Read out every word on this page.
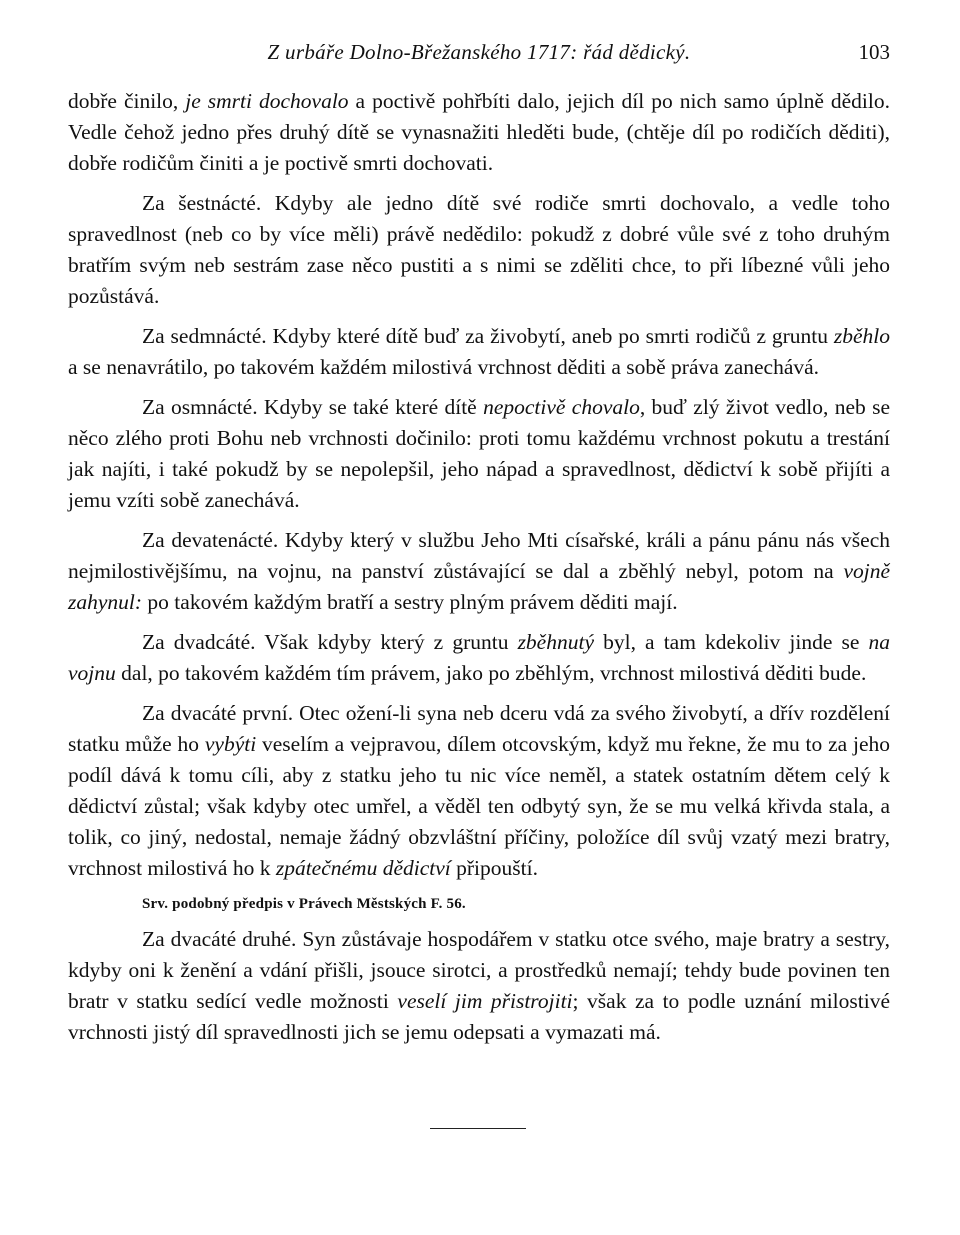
Z urbáře Dolno-Břežanského 1717: řád dědický.	103

dobře činilo, je smrti dochovalo a poctivě pohřbíti dalo, jejich díl po nich samo úplně dědilo. Vedle čehož jedno přes druhý dítě se vynasnažiti hleděti bude, (chtěje díl po rodičích děditi), dobře rodičům činiti a je poctivě smrti dochovati.

Za šestnácté. Kdyby ale jedno dítě své rodiče smrti dochovalo, a vedle toho spravedlnost (neb co by více měli) právě nedědilo: pokudž z dobré vůle své z toho druhým bratřím svým neb sestrám zase něco pustiti a s nimi se zděliti chce, to při líbezné vůli jeho pozůstává.

Za sedmnácté. Kdyby které dítě buď za živobytí, aneb po smrti rodičů z gruntu zběhlo a se nenavrátilo, po takovém každém milostivá vrchnost děditi a sobě práva zanechává.

Za osmnácté. Kdyby se také které dítě nepoctivě chovalo, buď zlý život vedlo, neb se něco zlého proti Bohu neb vrchnosti dočinilo: proti tomu každému vrchnost pokutu a trestání jak najíti, i také pokudž by se nepolepšil, jeho nápad a spravedlnost, dědictví k sobě přijíti a jemu vzíti sobě zanechává.

Za devatenácté. Kdyby který v službu Jeho Mti císařské, králi a pánu pánu nás všech nejmilostivějšímu, na vojnu, na panství zůstávající se dal a zběhlý nebyl, potom na vojně zahynul: po takovém každým bratří a sestry plným právem děditi mají.

Za dvadcáté. Však kdyby který z gruntu zběhnutý byl, a tam kdekoliv jinde se na vojnu dal, po takovém každém tím právem, jako po zběhlým, vrchnost milostivá děditi bude.

Za dvacáté první. Otec ožení-li syna neb dceru vdá za svého živobytí, a dřív rozdělení statku může ho vybýti veselím a vejpravou, dílem otcovským, když mu řekne, že mu to za jeho podíl dává k tomu cíli, aby z statku jeho tu nic více neměl, a statek ostatním dětem celý k dědictví zůstal; však kdyby otec umřel, a věděl ten odbytý syn, že se mu velká křivda stala, a tolik, co jiný, nedostal, nemaje žádný obzvláštní příčiny, položíce díl svůj vzatý mezi bratry, vrchnost milostivá ho k zpátečnému dědictví připouští.

Srv. podobný předpis v Právech Městských F. 56.

Za dvacáté druhé. Syn zůstávaje hospodářem v statku otce svého, maje bratry a sestry, kdyby oni k ženění a vdání přišli, jsouce sirotci, a prostředků nemají; tehdy bude povinen ten bratr v statku sedící vedle možnosti veselí jim přistrojiti; však za to podle uznání milostivé vrchnosti jistý díl spravedlnosti jich se jemu odepsati a vymazati má.
